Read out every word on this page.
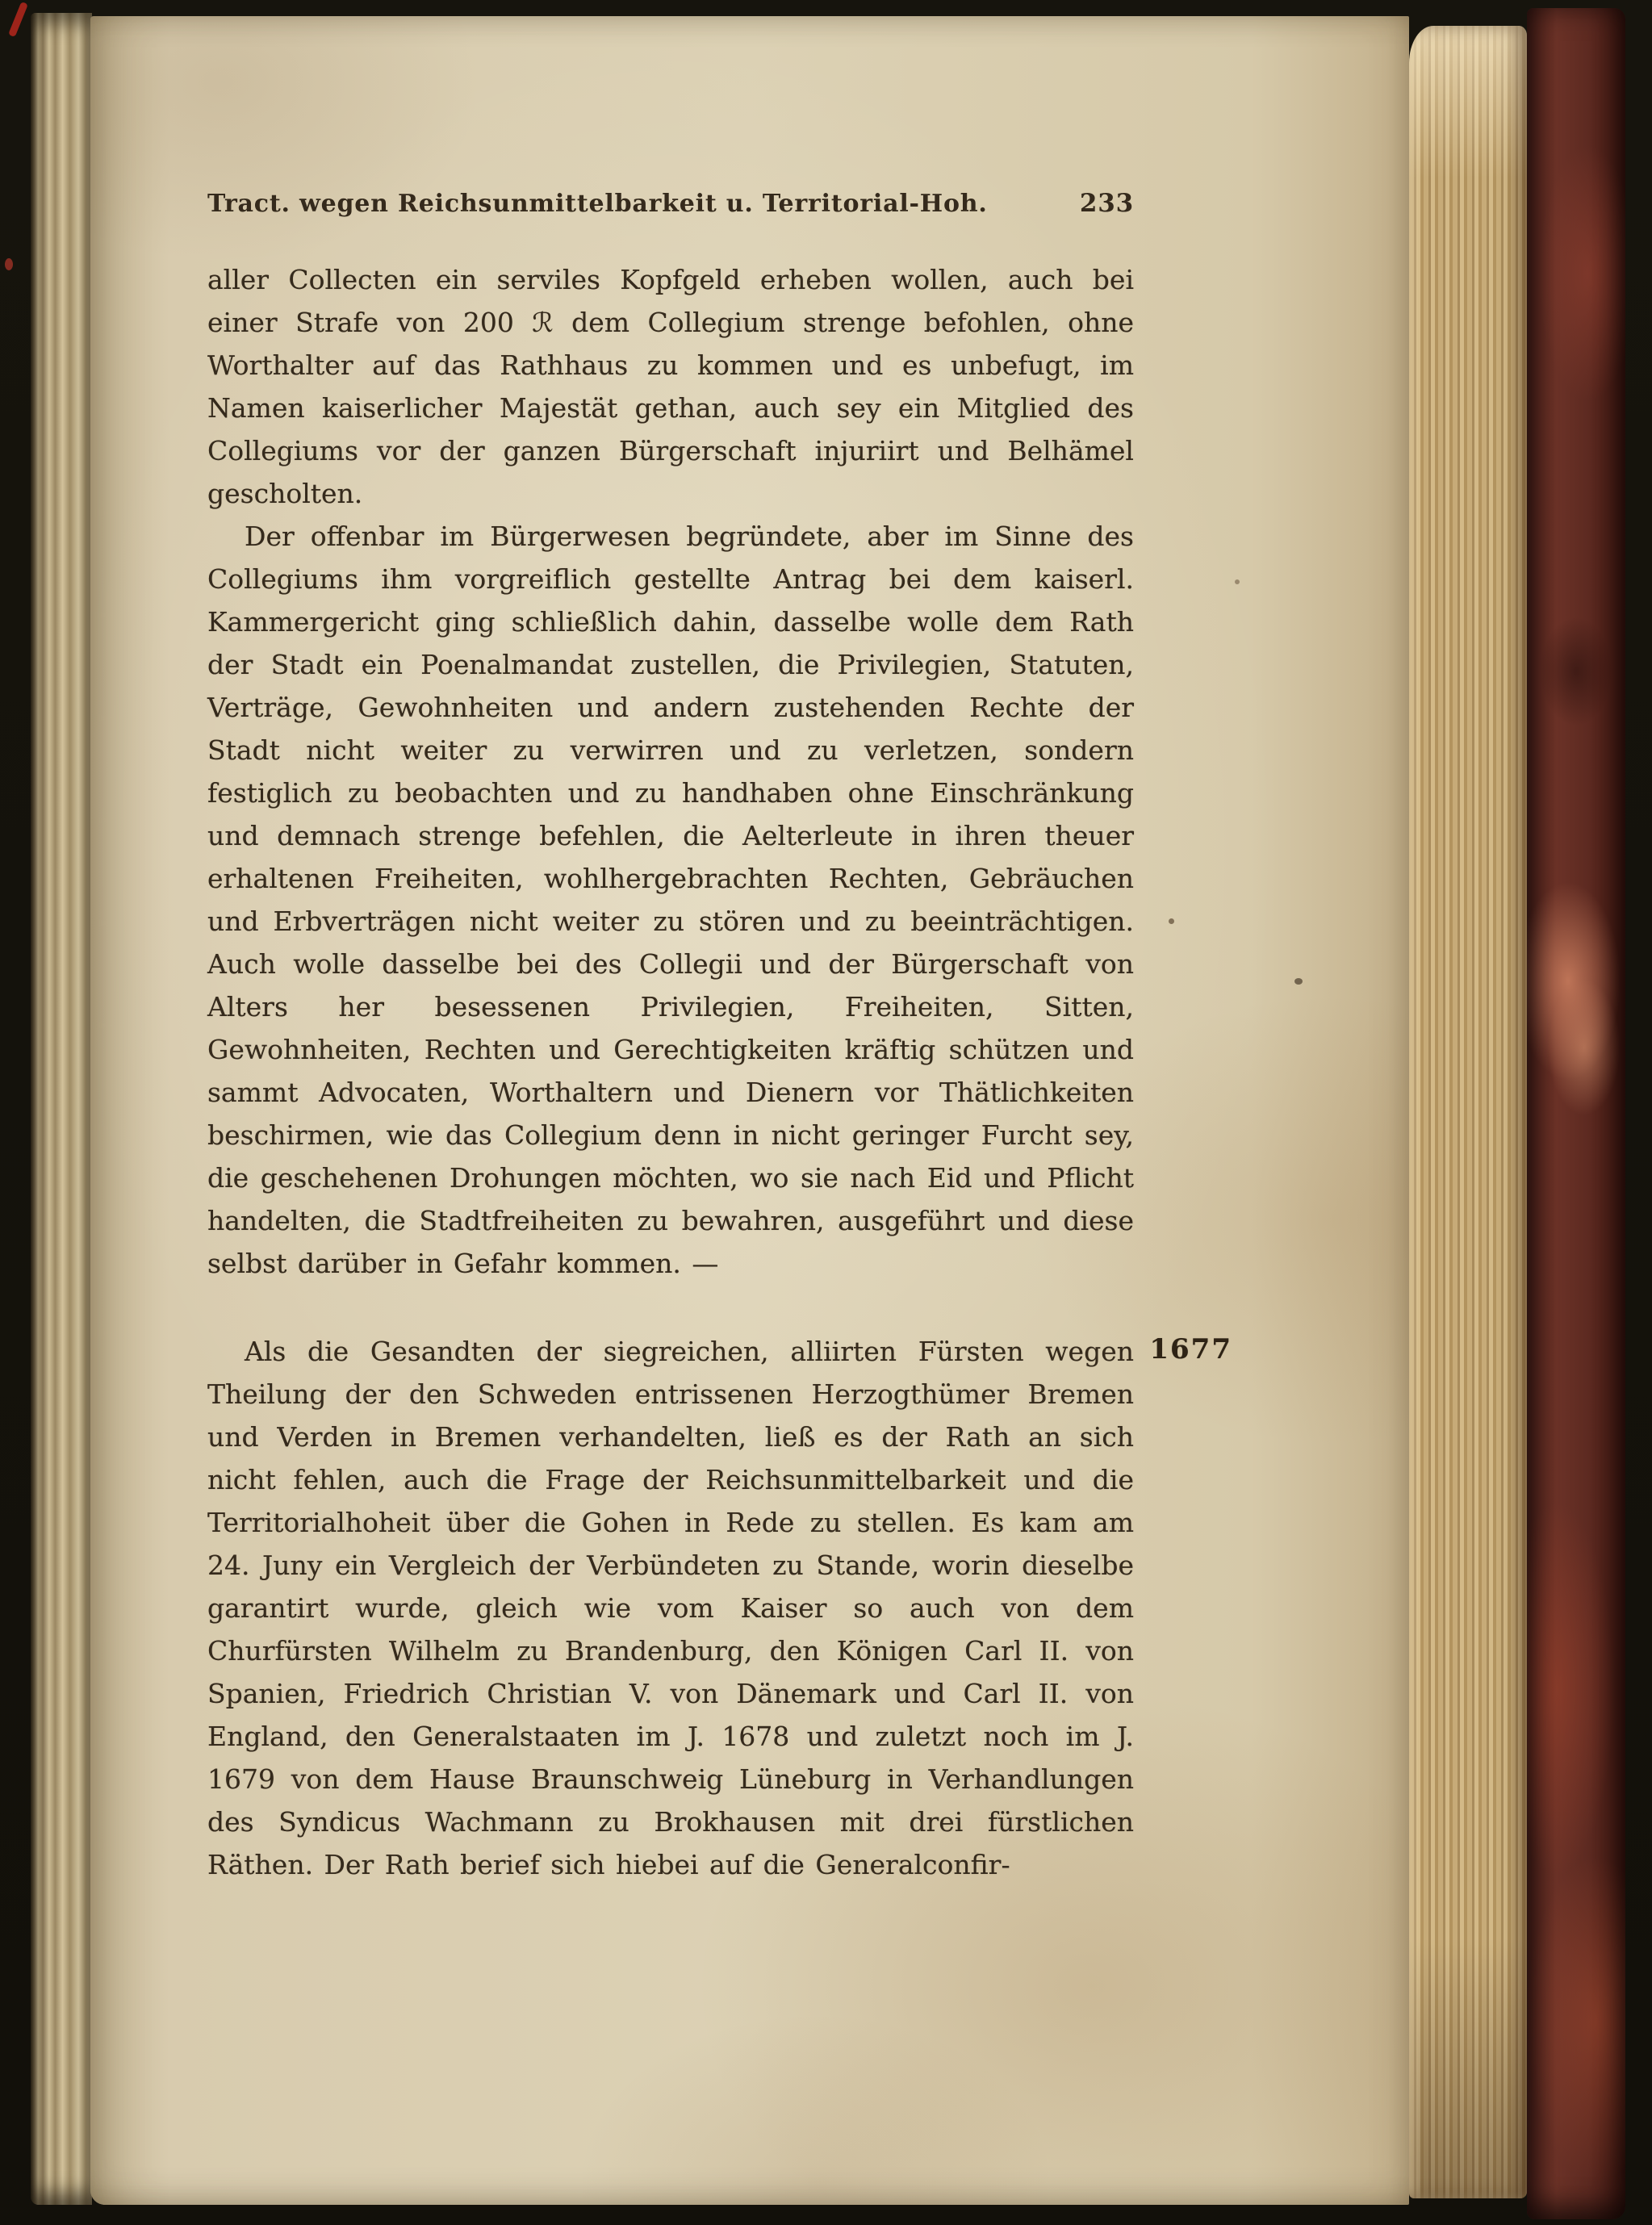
Tract. wegen Reichsunmittelbarkeit u. Territorial-Hoh.	233

aller Collecten ein serviles Kopfgeld erheben wollen, auch bei einer Strafe von 200 ℛ dem Collegium strenge befohlen, ohne Worthalter auf das Rathhaus zu kommen und es unbefugt, im Namen kaiserlicher Majestät gethan, auch sey ein Mitglied des Collegiums vor der ganzen Bürgerschaft injuriirt und Belhämel gescholten.

Der offenbar im Bürgerwesen begründete, aber im Sinne des Collegiums ihm vorgreiflich gestellte Antrag bei dem kaiserl. Kammergericht ging schließlich dahin, dasselbe wolle dem Rath der Stadt ein Poenalmandat zustellen, die Privilegien, Statuten, Verträge, Gewohnheiten und andern zustehenden Rechte der Stadt nicht weiter zu verwirren und zu verletzen, sondern festiglich zu beobachten und zu handhaben ohne Einschränkung und demnach strenge befehlen, die Aelterleute in ihren theuer erhaltenen Freiheiten, wohlhergebrachten Rechten, Gebräuchen und Erbverträgen nicht weiter zu stören und zu beeinträchtigen. Auch wolle dasselbe bei des Collegii und der Bürgerschaft von Alters her besessenen Privilegien, Freiheiten, Sitten, Gewohnheiten, Rechten und Gerechtigkeiten kräftig schützen und sammt Advocaten, Worthaltern und Dienern vor Thätlichkeiten beschirmen, wie das Collegium denn in nicht geringer Furcht sey, die geschehenen Drohungen möchten, wo sie nach Eid und Pflicht handelten, die Stadtfreiheiten zu bewahren, ausgeführt und diese selbst darüber in Gefahr kommen. —

Als die Gesandten der siegreichen, alliirten Fürsten wegen Theilung der den Schweden entrissenen Herzogthümer Bremen und Verden in Bremen verhandelten, ließ es der Rath an sich nicht fehlen, auch die Frage der Reichsunmittelbarkeit und die Territorialhoheit über die Gohen in Rede zu stellen. Es kam am 24. Juny ein Vergleich der Verbündeten zu Stande, worin dieselbe garantirt wurde, gleich wie vom Kaiser so auch von dem Churfürsten Wilhelm zu Brandenburg, den Königen Carl II. von Spanien, Friedrich Christian V. von Dänemark und Carl II. von England, den Generalstaaten im J. 1678 und zuletzt noch im J. 1679 von dem Hause Braunschweig Lüneburg in Verhandlungen des Syndicus Wachmann zu Brokhausen mit drei fürstlichen Räthen. Der Rath berief sich hiebei auf die Generalconfir-

1677
